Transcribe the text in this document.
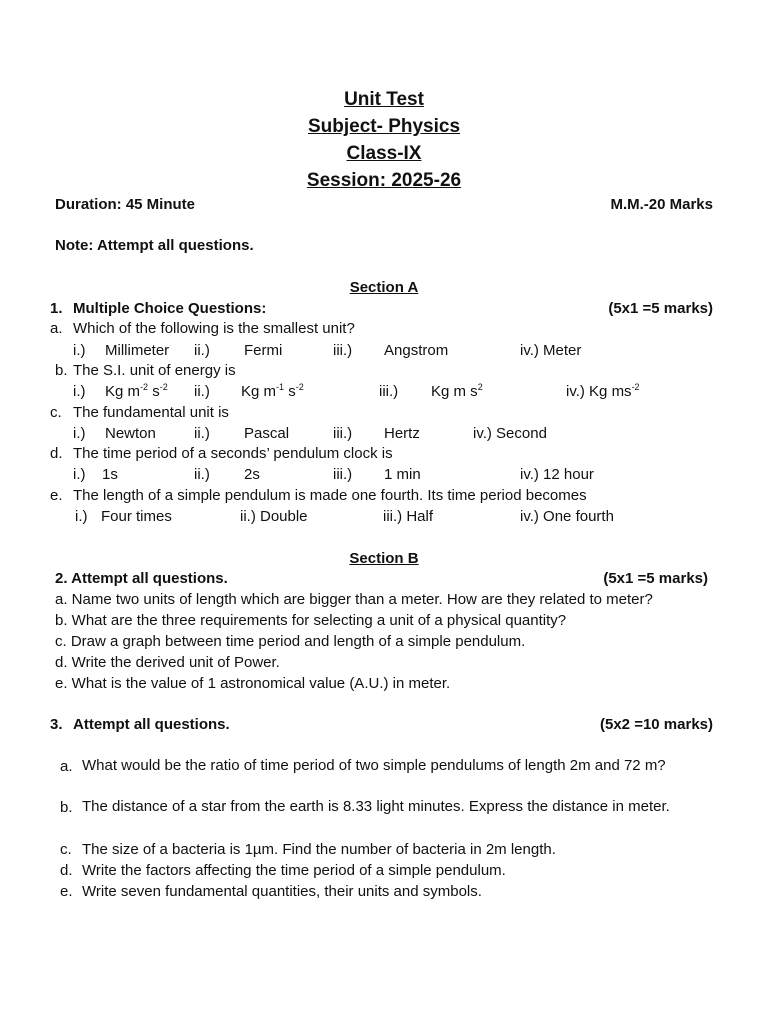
Unit Test
Subject- Physics
Class-IX
Session: 2025-26
Duration: 45 Minute	M.M.-20 Marks
Note: Attempt all questions.
Section A
1. Multiple Choice Questions:	(5x1 =5 marks)
a. Which of the following is the smallest unit?
i.) Millimeter ii.) Fermi	iii.) Angstrom	iv.) Meter
b. The S.I. unit of energy is
i.) Kg $m^{-2}$ $s^{-2}$ ii.) Kg $m^{-1}$ $s^{-2}$	iii.) Kg m $s^2$	iv.) Kg $ms^{-2}$
c. The fundamental unit is
i.) Newton	ii.) Pascal	iii.) Hertz	iv.) Second
d. The time period of a seconds’ pendulum clock is
i.) 1s	ii.) 2s	iii.) 1 min	iv.) 12 hour
e. The length of a simple pendulum is made one fourth. Its time period becomes
i.) Four times	ii.) Double	iii.) Half	iv.) One fourth
Section B
2. Attempt all questions.	(5x1 =5 marks)
a. Name two units of length which are bigger than a meter. How are they related to meter?
b. What are the three requirements for selecting a unit of a physical quantity?
c. Draw a graph between time period and length of a simple pendulum.
d. Write the derived unit of Power.
e. What is the value of 1 astronomical value (A.U.) in meter.
3. Attempt all questions.	(5x2 =10 marks)
a. What would be the ratio of time period of two simple pendulums of length 2m and 72 m?
b. The distance of a star from the earth is 8.33 light minutes. Express the distance in meter.
c. The size of a bacteria is 1µm. Find the number of bacteria in 2m length.
d. Write the factors affecting the time period of a simple pendulum.
e. Write seven fundamental quantities, their units and symbols.
